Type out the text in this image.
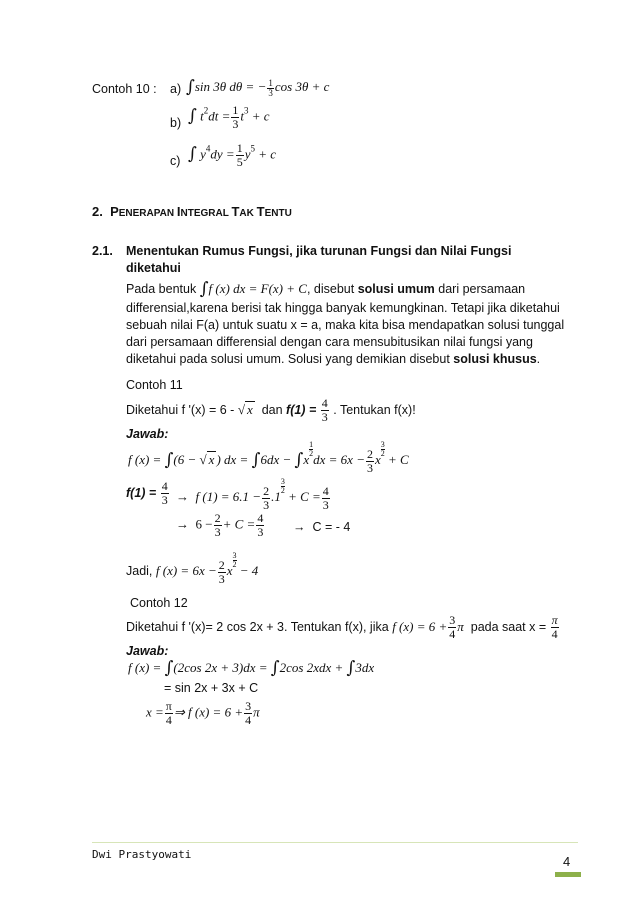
Contoh 10 : a) ∫sin 3θ dθ = − $\frac{1}{3}$ cos 3θ + c
b) ∫ $t^2dt = \frac{1}{3} t^3 + c$
c) ∫ $y^4dy = \frac{1}{5} y^5 + c$
2. PENERAPAN INTEGRAL TAK TENTU
2.1. Menentukan Rumus Fungsi, jika turunan Fungsi dan Nilai Fungsi
diketahui
Pada bentuk ∫f (x) dx = F(x) + C, disebut solusi umum dari persamaan
differensial,karena berisi tak hingga banyak kemungkinan. Tetapi jika diketahui
sebuah nilai F(a) untuk suatu x = a, maka kita bisa mendapatkan solusi tunggal
dari persamaan differensial dengan cara mensubitusikan nilai fungsi yang
diketahui pada solusi umum. Solusi yang demikian disebut solusi khusus.
Contoh 11
Diketahui f '(x) = 6 - √ x dan $f(1) = \frac{4}{3}$ . Tentukan f(x)!
Jawab:
f (x) = ∫(6 − √ x ) dx = ∫6dx − ∫x
$\frac{1}{2}dx = 6x - \frac{2}{3}$ x
$\frac{3}{2} + C$
$f(1) = \frac{4}{3} \to f$ $(1) = 6.1 - \frac{2}{3} .1$
$\frac{3}{2} + C = \frac{4}{3}$
→ $6 - \frac{2}{3} + C = \frac{4}{3} \to C$ = - 4
Jadi, f $(x) = 6x - \frac{2}{3}$ x
$\frac{3}{2} - 4$
Contoh 12
Diketahui f '(x)= 2 cos 2x + 3. Tentukan f(x), jika f $(x) = 6 + \frac{3}{4}$ π pada saat $x = \frac{\pi}{4}$
Jawab:
f (x) = ∫(2cos 2x + 3)dx = ∫2cos 2xdx + ∫3dx
= sin 2x + 3x + C
$x = \frac{\pi}{4}$ ⇒ f $(x) = 6 + \frac{3}{4}$ π
Dwi Prastyowati	4
